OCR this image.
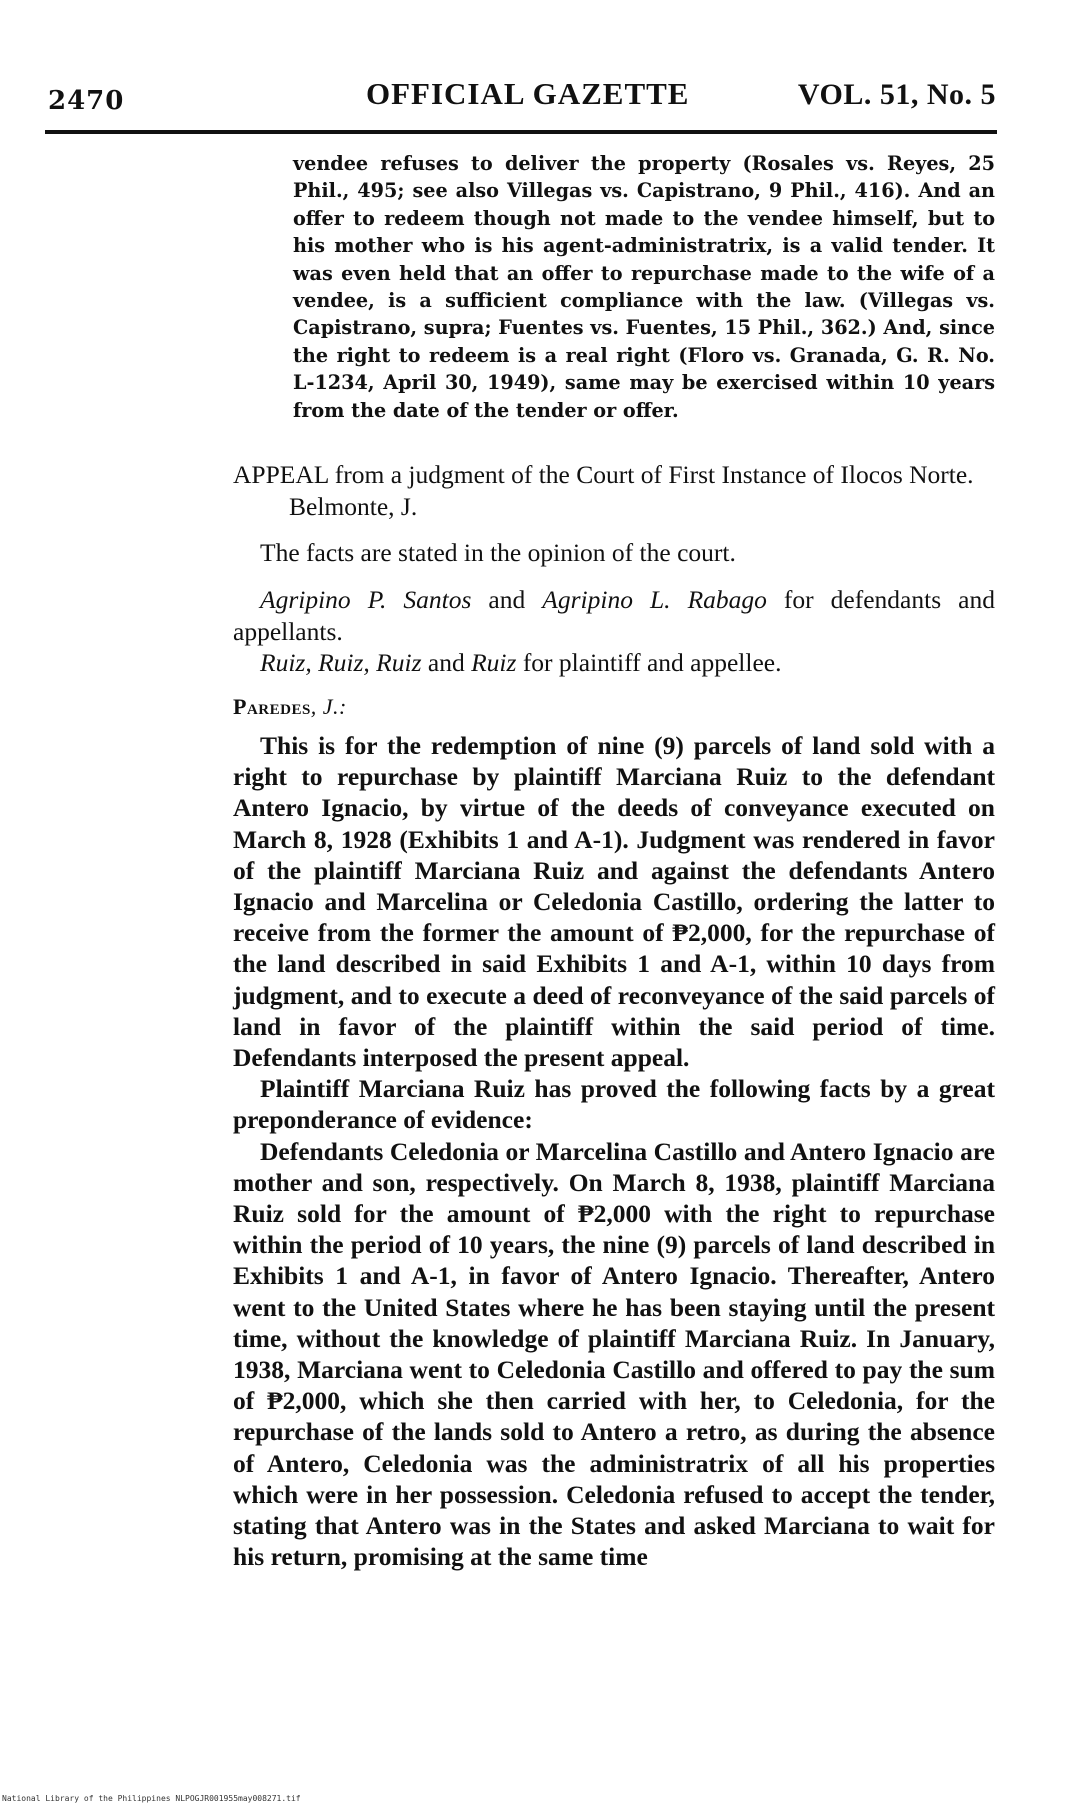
2470	OFFICIAL GAZETTE	VOL. 51, No. 5
vendee refuses to deliver the property (Rosales vs. Reyes, 25 Phil., 495; see also Villegas vs. Capistrano, 9 Phil., 416). And an offer to redeem though not made to the vendee himself, but to his mother who is his agent-administratrix, is a valid tender. It was even held that an offer to repurchase made to the wife of a vendee, is a sufficient compliance with the law. (Villegas vs. Capistrano, supra; Fuentes vs. Fuentes, 15 Phil., 362.) And, since the right to redeem is a real right (Floro vs. Granada, G. R. No. L-1234, April 30, 1949), same may be exercised within 10 years from the date of the tender or offer.
APPEAL from a judgment of the Court of First Instance of Ilocos Norte. Belmonte, J.
The facts are stated in the opinion of the court.

Agripino P. Santos and Agripino L. Rabago for defendants and appellants.

Ruiz, Ruiz, Ruiz and Ruiz for plaintiff and appellee.

Paredes, J.:

This is for the redemption of nine (9) parcels of land sold with a right to repurchase by plaintiff Marciana Ruiz to the defendant Antero Ignacio, by virtue of the deeds of conveyance executed on March 8, 1928 (Exhibits 1 and A-1). Judgment was rendered in favor of the plaintiff Marciana Ruiz and against the defendants Antero Ignacio and Marcelina or Celedonia Castillo, ordering the latter to receive from the former the amount of ₱2,000, for the repurchase of the land described in said Exhibits 1 and A-1, within 10 days from judgment, and to execute a deed of reconveyance of the said parcels of land in favor of the plaintiff within the said period of time. Defendants interposed the present appeal.

Plaintiff Marciana Ruiz has proved the following facts by a great preponderance of evidence:

Defendants Celedonia or Marcelina Castillo and Antero Ignacio are mother and son, respectively. On March 8, 1938, plaintiff Marciana Ruiz sold for the amount of ₱2,000 with the right to repurchase within the period of 10 years, the nine (9) parcels of land described in Exhibits 1 and A-1, in favor of Antero Ignacio. Thereafter, Antero went to the United States where he has been staying until the present time, without the knowledge of plaintiff Marciana Ruiz. In January, 1938, Marciana went to Celedonia Castillo and offered to pay the sum of ₱2,000, which she then carried with her, to Celedonia, for the repurchase of the lands sold to Antero a retro, as during the absence of Antero, Celedonia was the administratrix of all his properties which were in her possession. Celedonia refused to accept the tender, stating that Antero was in the States and asked Marciana to wait for his return, promising at the same time

National Library of the Philippines NLPOGJR001955may008271.tif
